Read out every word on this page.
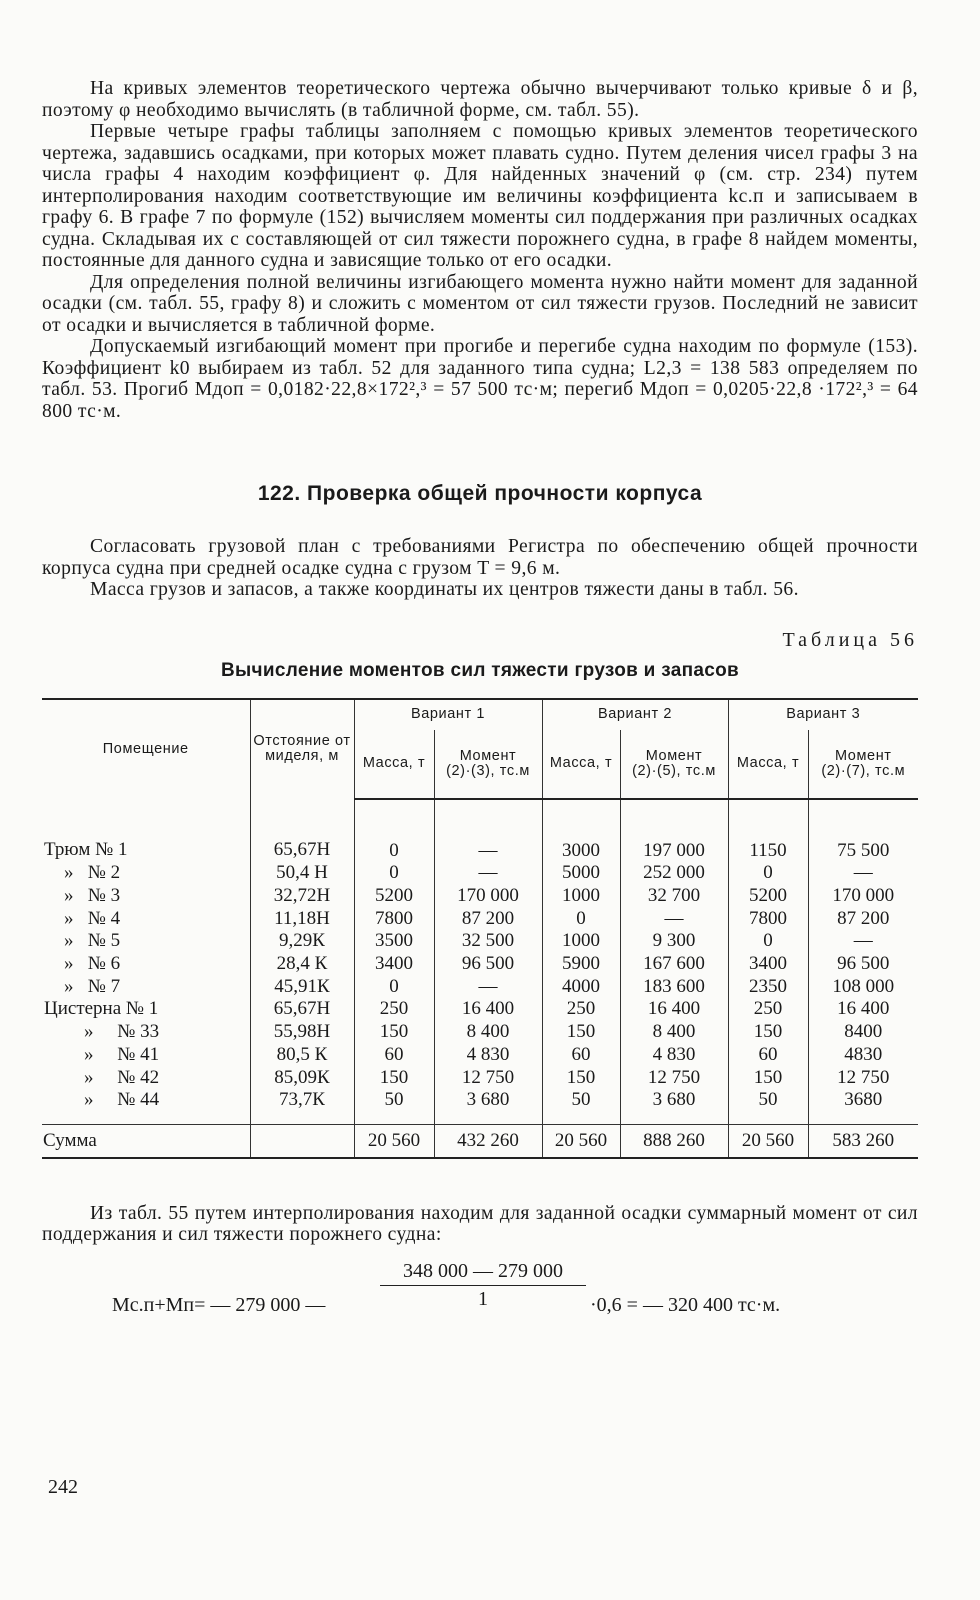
На кривых элементов теоретического чертежа обычно вычерчивают только кривые δ и β, поэтому φ необходимо вычислять (в табличной форме, см. табл. 55).

Первые четыре графы таблицы заполняем с помощью кривых элементов теоретического чертежа, задавшись осадками, при которых может плавать судно. Путем деления чисел графы 3 на числа графы 4 находим коэффициент φ. Для найденных значений φ (см. стр. 234) путем интерполирования находим соответствующие им величины коэффициента kс.п и записываем в графу 6. В графе 7 по формуле (152) вычисляем моменты сил поддержания при различных осадках судна. Складывая их с составляющей от сил тяжести порожнего судна, в графе 8 найдем моменты, постоянные для данного судна и зависящие только от его осадки.

Для определения полной величины изгибающего момента нужно найти момент для заданной осадки (см. табл. 55, графу 8) и сложить с моментом от сил тяжести грузов. Последний не зависит от осадки и вычисляется в табличной форме.

Допускаемый изгибающий момент при прогибе и перегибе судна находим по формуле (153). Коэффициент k0 выбираем из табл. 52 для заданного типа судна; L2,3 = 138 583 определяем по табл. 53. Прогиб Mдоп = 0,0182·22,8×172²,³ = 57 500 тс·м; перегиб Mдоп = 0,0205·22,8 ·172²,³ = 64 800 тс·м.

122. Проверка общей прочности корпуса

Согласовать грузовой план с требованиями Регистра по обеспечению общей прочности корпуса судна при средней осадке судна с грузом T = 9,6 м.

Масса грузов и запасов, а также координаты их центров тяжести даны в табл. 56.

Таблица 56
Вычисление моментов сил тяжести грузов и запасов
Помещение	Отстояние от миделя, м	Вариант 1		Вариант 2		Вариант 3	
		Масса, т	Момент (2)·(3), тс.м	Масса, т	Момент (2)·(5), тс.м	Масса, т	Момент (2)·(7), тс.м
Трюм № 1	65,67Н	0	—	3000	197 000	1150	75 500
»   № 2	50,4 Н	0	—	5000	252 000	0	—
»   № 3	32,72Н	5200	170 000	1000	32 700	5200	170 000
»   № 4	11,18Н	7800	87 200	0	—	7800	87 200
»   № 5	9,29К	3500	32 500	1000	9 300	0	—
»   № 6	28,4 К	3400	96 500	5900	167 600	3400	96 500
»   № 7	45,91К	0	—	4000	183 600	2350	108 000
Цистерна № 1	65,67Н	250	16 400	250	16 400	250	16 400
»     № 33	55,98Н	150	8 400	150	8 400	150	8400
»     № 41	80,5 К	60	4 830	60	4 830	60	4830
»     № 42	85,09К	150	12 750	150	12 750	150	12 750
»     № 44	73,7К	50	3 680	50	3 680	50	3680
Сумма		20 560	432 260	20 560	888 260	20 560	583 260

Из табл. 55 путем интерполирования находим для заданной осадки суммарный момент от сил поддержания и сил тяжести порожнего судна:

Mс.п+Mп= — 279 000 —	$\frac{348 000 — 279 000}{1} \cdot 0,6$ = — 320 400 тс·м.
242
